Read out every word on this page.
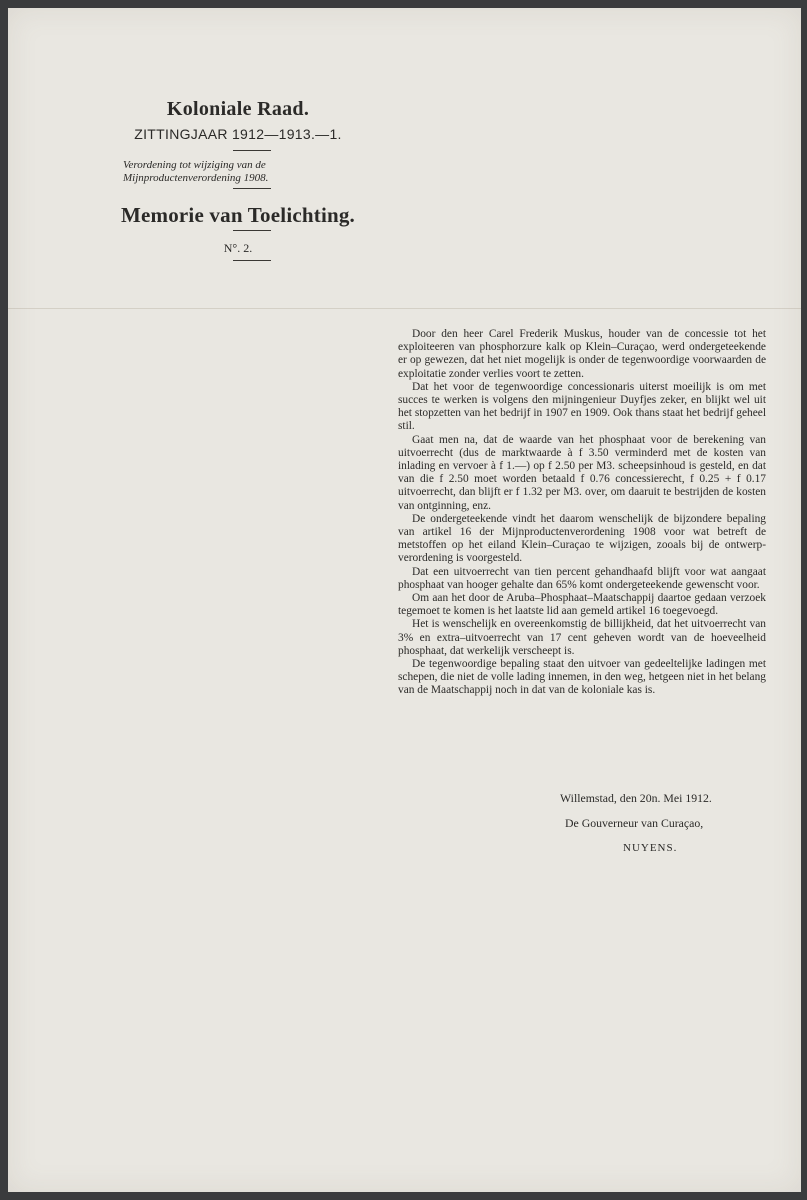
Koloniale Raad.
ZITTINGJAAR 1912—1913.—1.
Verordening tot wijziging van de Mijnproductenverordening 1908.
Memorie van Toelichting.
N°. 2.

Door den heer Carel Frederik Muskus, houder van de concessie tot het exploiteeren van phosphorzure kalk op Klein–Curaçao, werd ondergeteekende er op gewezen, dat het niet mogelijk is onder de tegenwoordige voorwaarden de exploitatie zonder verlies voort te zetten.

Dat het voor de tegenwoordige concessionaris uiterst moeilijk is om met succes te werken is volgens den mijningenieur Duyfjes zeker, en blijkt wel uit het stopzetten van het bedrijf in 1907 en 1909. Ook thans staat het bedrijf geheel stil.

Gaat men na, dat de waarde van het phosphaat voor de berekening van uitvoerrecht (dus de marktwaarde à f 3.50 verminderd met de kosten van inlading en vervoer à f 1.—) op f 2.50 per M3. scheepsinhoud is gesteld, en dat van die f 2.50 moet worden betaald f 0.76 concessierecht, f 0.25 + f 0.17 uitvoerrecht, dan blijft er f 1.32 per M3. over, om daaruit te bestrijden de kosten van ontginning, enz.

De ondergeteekende vindt het daarom wenschelijk de bijzondere bepaling van artikel 16 der Mijnproductenverordening 1908 voor wat betreft de metstoffen op het eiland Klein–Curaçao te wijzigen, zooals bij de ontwerp-verordening is voorgesteld.

Dat een uitvoerrecht van tien percent gehandhaafd blijft voor wat aangaat phosphaat van hooger gehalte dan 65% komt ondergeteekende gewenscht voor.

Om aan het door de Aruba–Phosphaat–Maatschappij daartoe gedaan verzoek tegemoet te komen is het laatste lid aan gemeld artikel 16 toegevoegd.

Het is wenschelijk en overeenkomstig de billijkheid, dat het uitvoerrecht van 3% en extra–uitvoerrecht van 17 cent geheven wordt van de hoeveelheid phosphaat, dat werkelijk verscheept is.

De tegenwoordige bepaling staat den uitvoer van gedeeltelijke ladingen met schepen, die niet de volle lading innemen, in den weg, hetgeen niet in het belang van de Maatschappij noch in dat van de koloniale kas is.

Willemstad, den 20n. Mei 1912.
De Gouverneur van Curaçao,
NUYENS.
